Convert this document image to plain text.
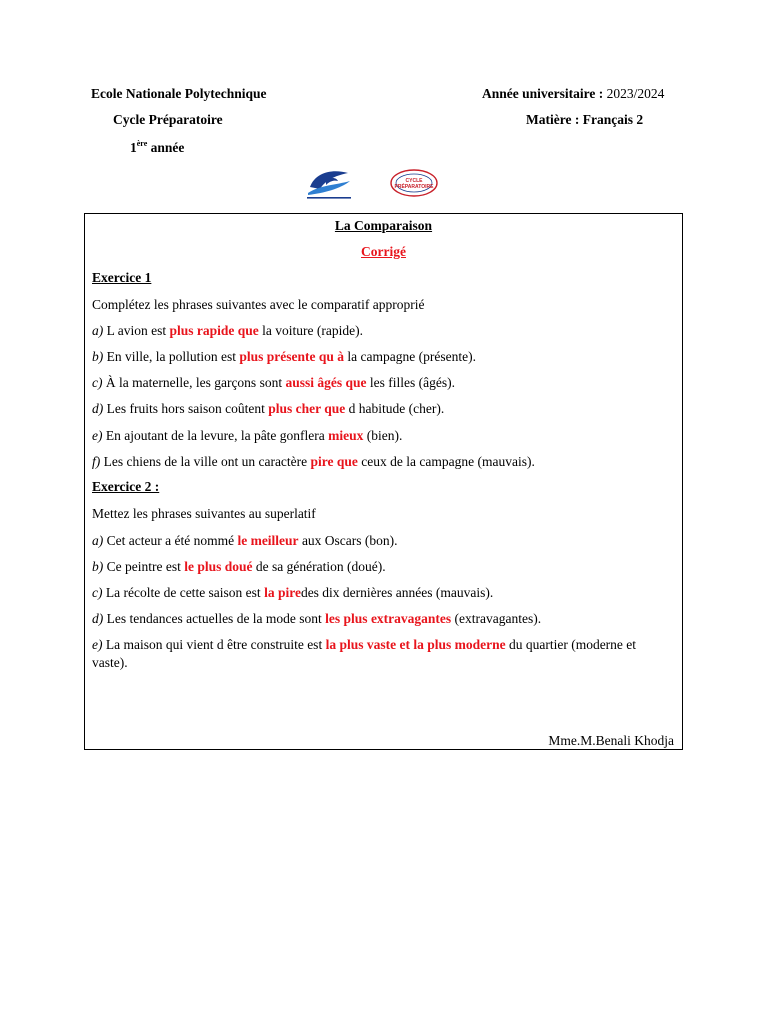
Ecole Nationale Polytechnique
Cycle Préparatoire
1ère année
Année universitaire : 2023/2024
Matière : Français 2
CYCLE PRÉPARATOIRE
La Comparaison
Corrigé
Exercice 1
Complétez les phrases suivantes avec le comparatif approprié
a) L avion est plus rapide que la voiture (rapide).
b) En ville, la pollution est plus présente qu à la campagne (présente).
c) À la maternelle, les garçons sont aussi âgés que les filles (âgés).
d) Les fruits hors saison coûtent plus cher que d habitude (cher).
e) En ajoutant de la levure, la pâte gonflera mieux (bien).
f) Les chiens de la ville ont un caractère pire que ceux de la campagne (mauvais).
Exercice 2 :
Mettez les phrases suivantes au superlatif
a) Cet acteur a été nommé le meilleur aux Oscars (bon).
b) Ce peintre est le plus doué de sa génération (doué).
c) La récolte de cette saison est la piredes dix dernières années (mauvais).
d) Les tendances actuelles de la mode sont les plus extravagantes (extravagantes).
e) La maison qui vient d être construite est la plus vaste et la plus moderne du quartier (moderne et vaste).
Mme.M.Benali Khodja
